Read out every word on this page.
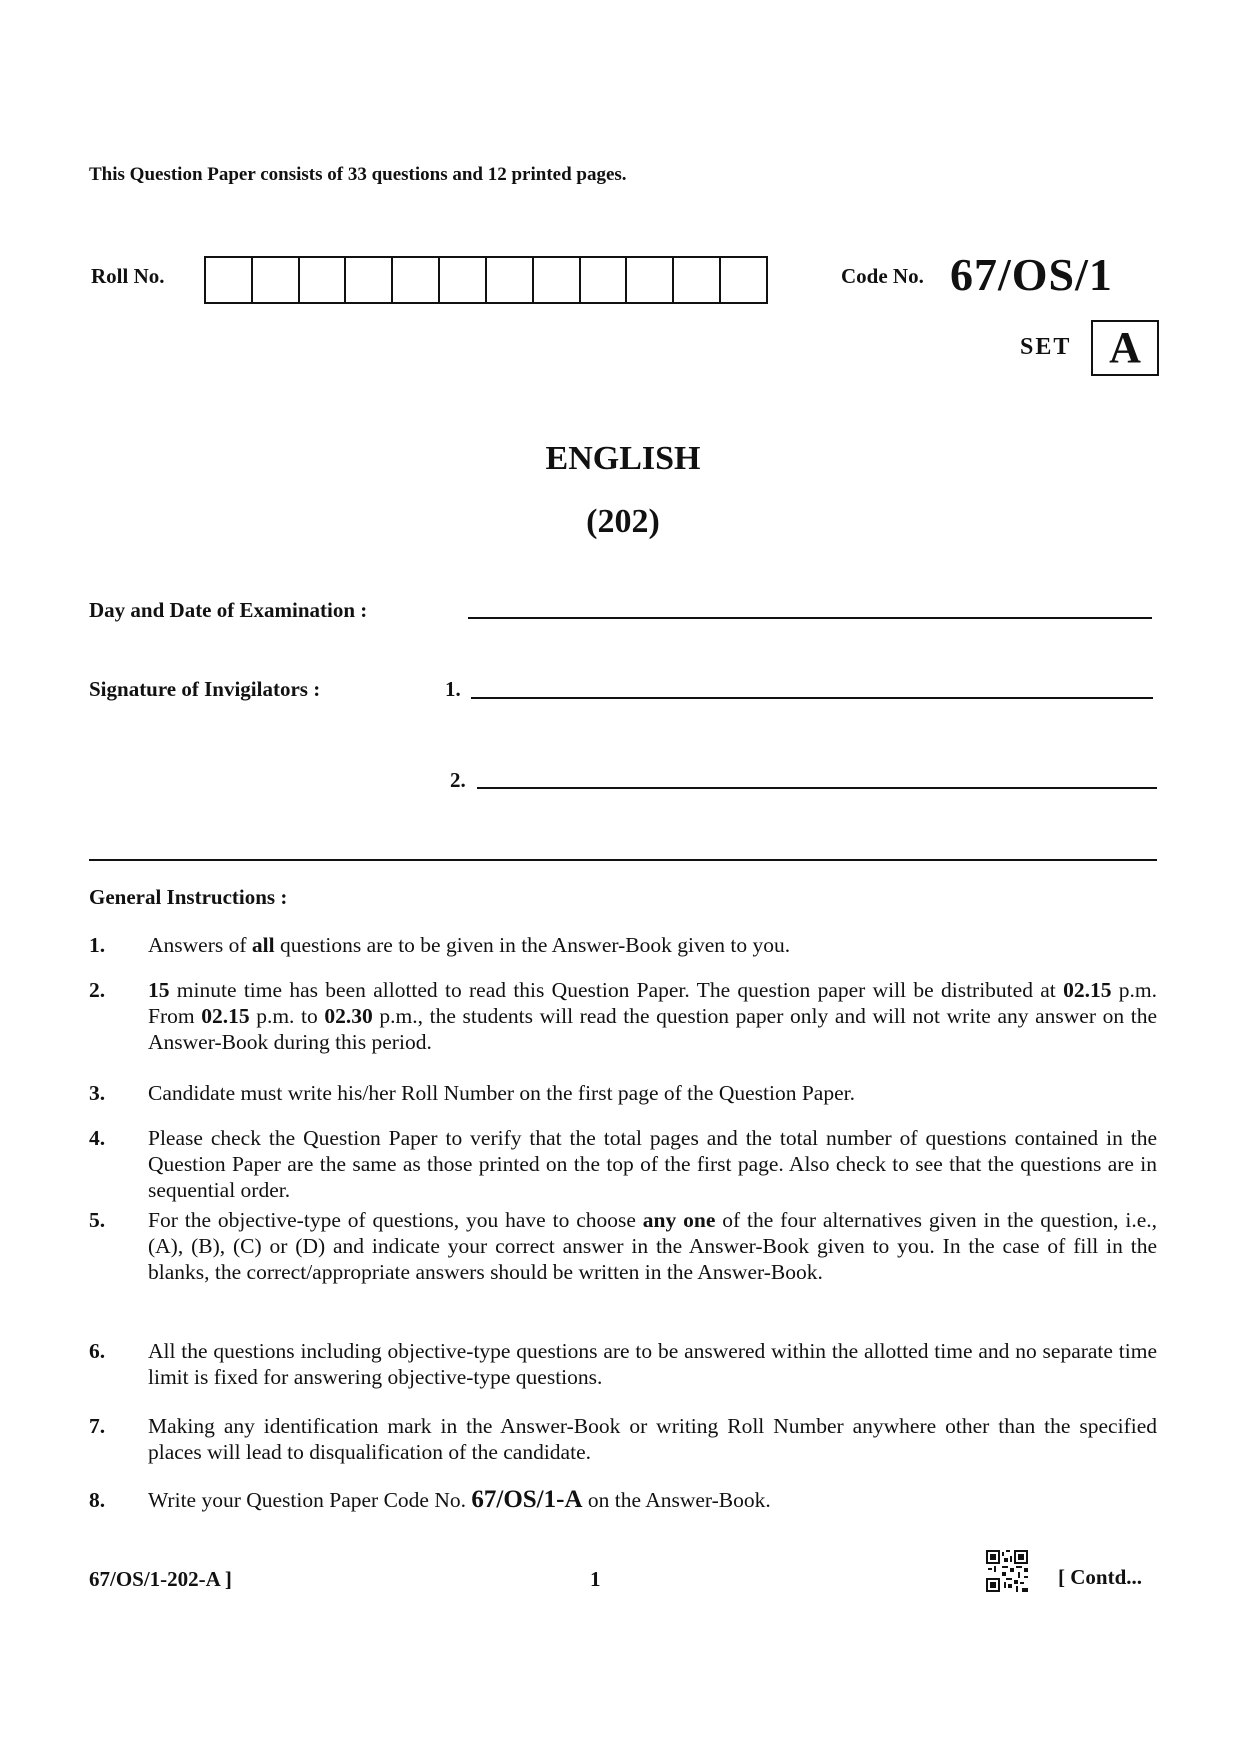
This Question Paper consists of 33 questions and 12 printed pages.
Roll No.	Code No. 67/OS/1
SET A
ENGLISH
(202)
Day and Date of Examination :
Signature of Invigilators :	1.
2.
General Instructions :
1. Answers of all questions are to be given in the Answer-Book given to you.
2. 15 minute time has been allotted to read this Question Paper. The question paper will be distributed at 02.15 p.m. From 02.15 p.m. to 02.30 p.m., the students will read the question paper only and will not write any answer on the Answer-Book during this period.
3. Candidate must write his/her Roll Number on the first page of the Question Paper.
4. Please check the Question Paper to verify that the total pages and the total number of questions contained in the Question Paper are the same as those printed on the top of the first page. Also check to see that the questions are in sequential order.
5. For the objective-type of questions, you have to choose any one of the four alternatives given in the question, i.e., (A), (B), (C) or (D) and indicate your correct answer in the Answer-Book given to you. In the case of fill in the blanks, the correct/appropriate answers should be written in the Answer-Book.
6. All the questions including objective-type questions are to be answered within the allotted time and no separate time limit is fixed for answering objective-type questions.
7. Making any identification mark in the Answer-Book or writing Roll Number anywhere other than the specified places will lead to disqualification of the candidate.
8. Write your Question Paper Code No. 67/OS/1-A on the Answer-Book.
67/OS/1-202-A ]	1	[ Contd...
